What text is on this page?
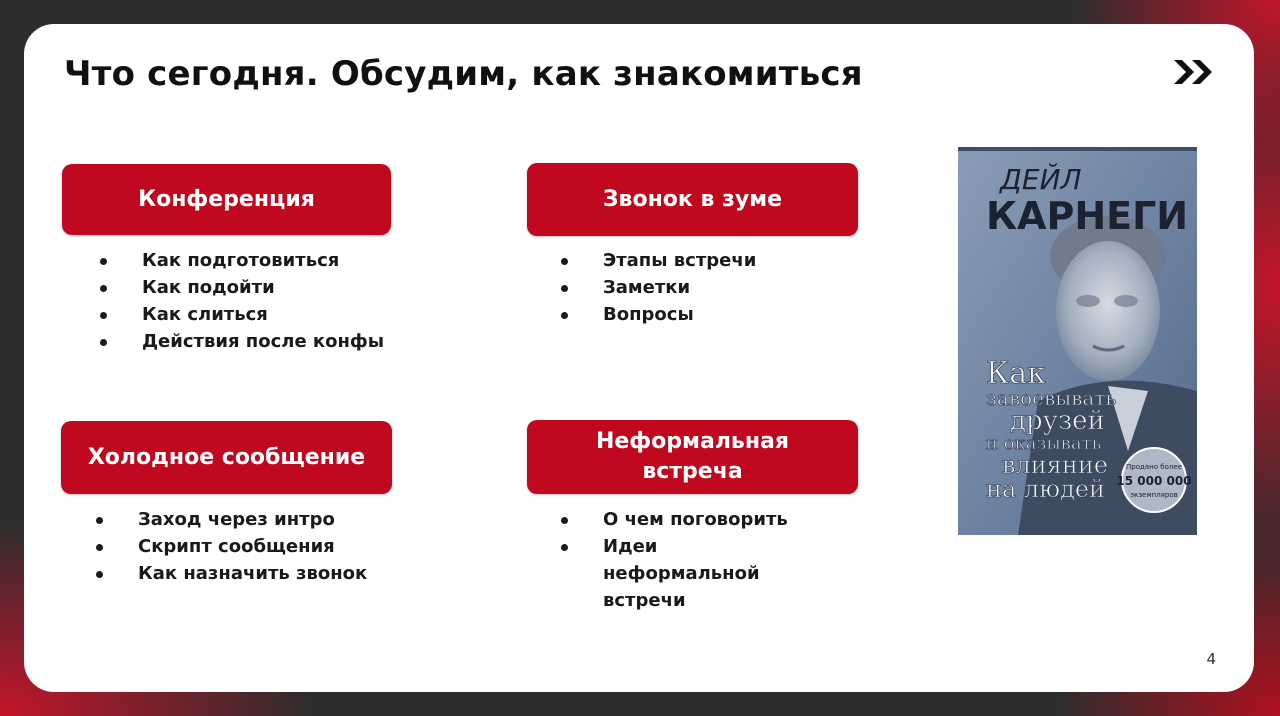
Что сегодня. Обсудим, как знакомиться
Конференция
Как подготовиться
Как подойти
Как слиться
Действия после конфы
Звонок в зуме
Этапы встречи
Заметки
Вопросы
Холодное сообщение
Заход через интро
Скрипт сообщения
Как назначить звонок
Неформальная встреча
О чем поговорить
Идеи неформальной встречи
ДЕЙЛ
КАРНЕГИ
Как
завоевывать
друзей
и оказывать
влияние
на людей
Продано более
15 000 000
экземпляров
4
